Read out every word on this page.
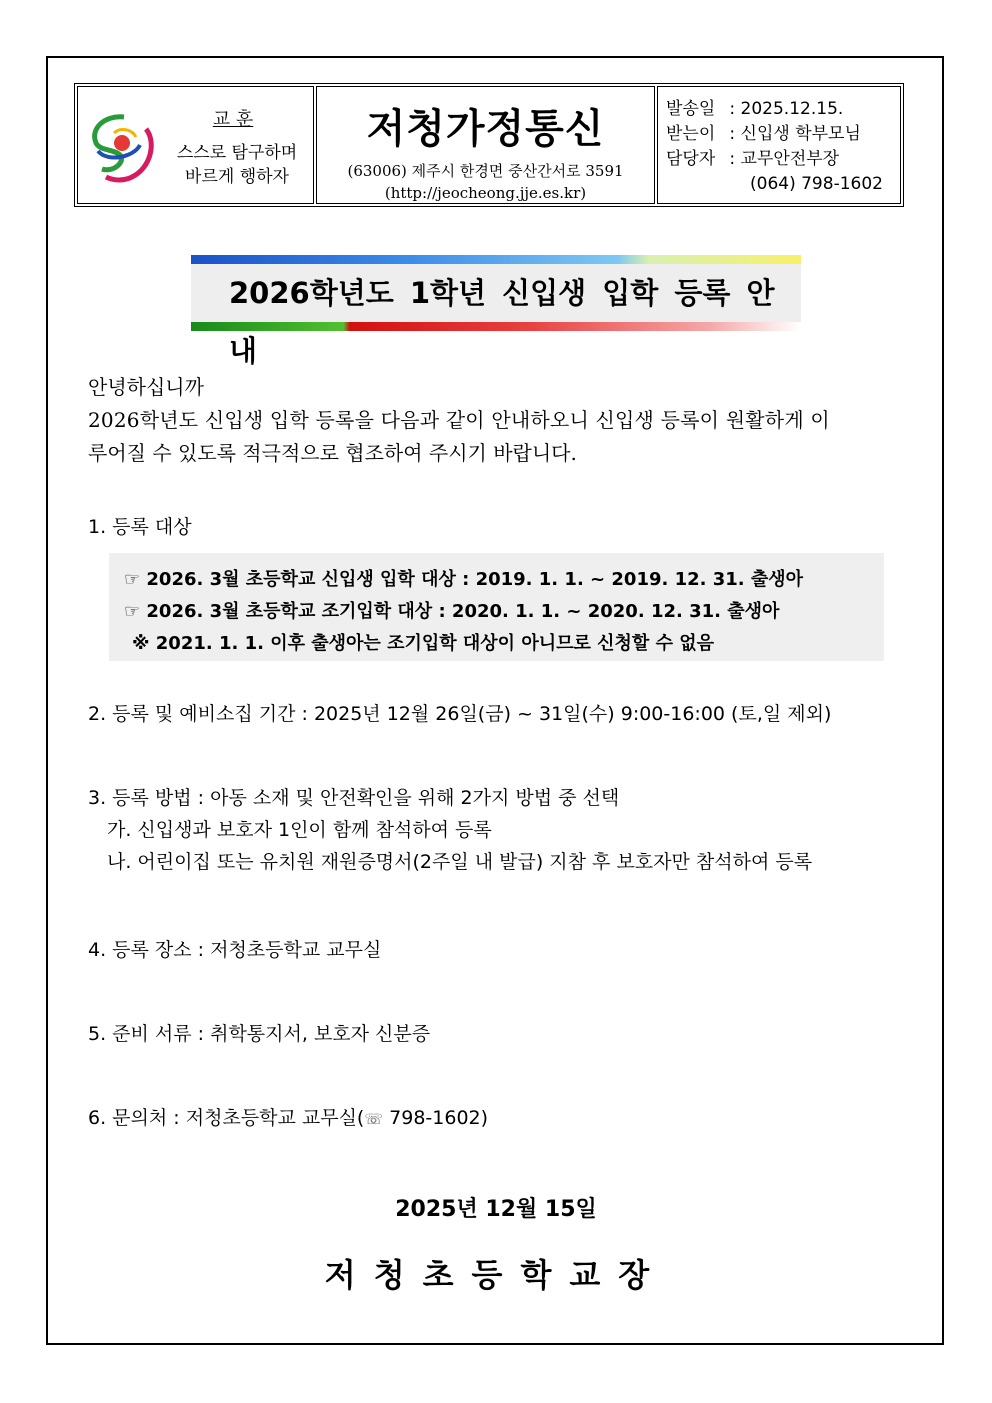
교 훈
스스로 탐구하며
바르게 행하자
저청가정통신
(63006) 제주시 한경면 중산간서로 3591
(http://jeocheong.jje.es.kr)
발송일 : 2025.12.15.
받는이 : 신입생 학부모님
담당자 : 교무안전부장
(064) 798-1602
2026학년도 1학년 신입생 입학 등록 안내
안녕하십니까
2026학년도 신입생 입학 등록을 다음과 같이 안내하오니 신입생 등록이 원활하게 이
루어질 수 있도록 적극적으로 협조하여 주시기 바랍니다.
1. 등록 대상
☞ 2026. 3월 초등학교 신입생 입학 대상 : 2019. 1. 1. ~ 2019. 12. 31. 출생아
☞ 2026. 3월 초등학교 조기입학 대상 : 2020. 1. 1. ~ 2020. 12. 31. 출생아
※ 2021. 1. 1. 이후 출생아는 조기입학 대상이 아니므로 신청할 수 없음
2. 등록 및 예비소집 기간 : 2025년 12월 26일(금) ~ 31일(수) 9:00-16:00 (토,일 제외)
3. 등록 방법 : 아동 소재 및 안전확인을 위해 2가지 방법 중 선택
가. 신입생과 보호자 1인이 함께 참석하여 등록
나. 어린이집 또는 유치원 재원증명서(2주일 내 발급) 지참 후 보호자만 참석하여 등록
4. 등록 장소 : 저청초등학교 교무실
5. 준비 서류 : 취학통지서, 보호자 신분증
6. 문의처 : 저청초등학교 교무실(☏ 798-1602)
2025년 12월 15일
저청초등학교장
